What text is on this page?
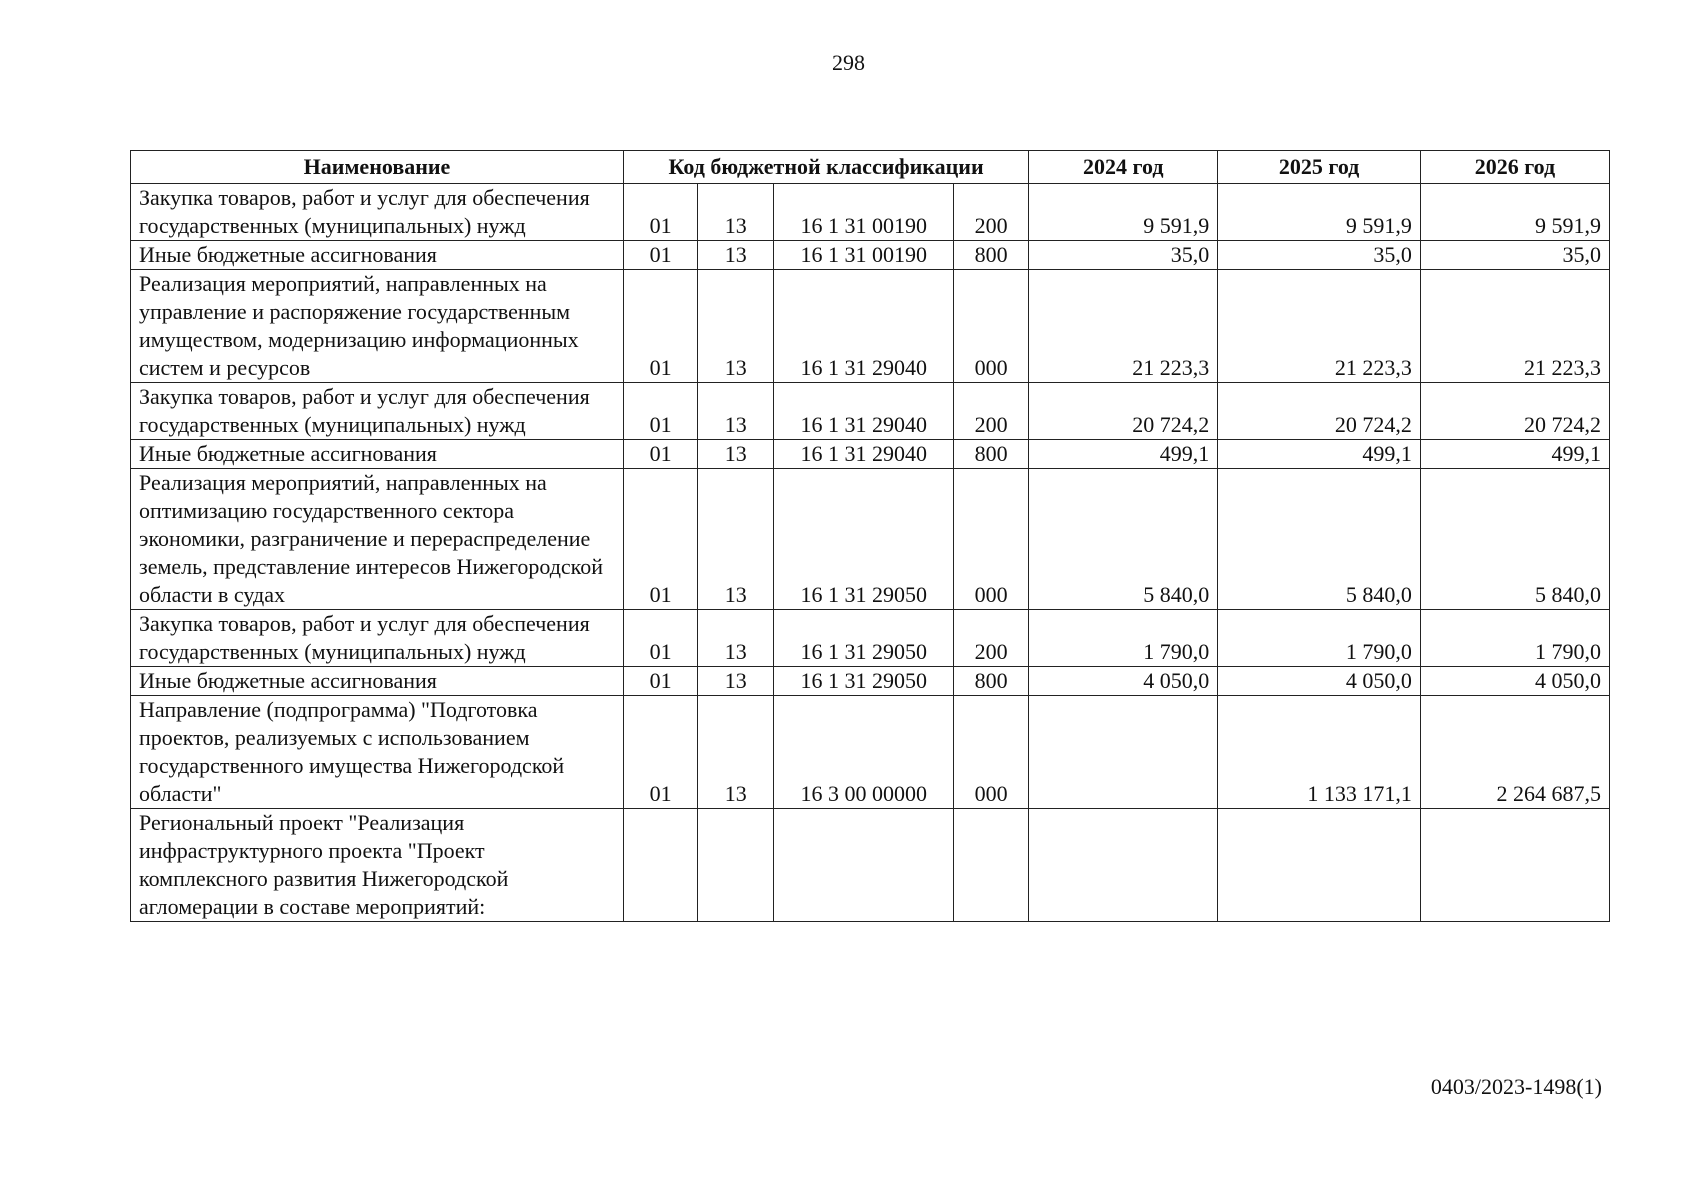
298
Наименование	Код бюджетной классификации				2024 год	2025 год	2026 год
Закупка товаров, работ и услуг для обеспечения государственных (муниципальных) нужд	01	13	16 1 31 00190	200	9 591,9	9 591,9	9 591,9
Иные бюджетные ассигнования	01	13	16 1 31 00190	800	35,0	35,0	35,0
Реализация мероприятий, направленных на управление и распоряжение государственным имуществом, модернизацию информационных систем и ресурсов	01	13	16 1 31 29040	000	21 223,3	21 223,3	21 223,3
Закупка товаров, работ и услуг для обеспечения государственных (муниципальных) нужд	01	13	16 1 31 29040	200	20 724,2	20 724,2	20 724,2
Иные бюджетные ассигнования	01	13	16 1 31 29040	800	499,1	499,1	499,1
Реализация мероприятий, направленных на оптимизацию государственного сектора экономики, разграничение и перераспределение земель, представление интересов Нижегородской области в судах	01	13	16 1 31 29050	000	5 840,0	5 840,0	5 840,0
Закупка товаров, работ и услуг для обеспечения государственных (муниципальных) нужд	01	13	16 1 31 29050	200	1 790,0	1 790,0	1 790,0
Иные бюджетные ассигнования	01	13	16 1 31 29050	800	4 050,0	4 050,0	4 050,0
Направление (подпрограмма) "Подготовка проектов, реализуемых с использованием государственного имущества Нижегородской области"	01	13	16 3 00 00000	000		1 133 171,1	2 264 687,5
Региональный проект "Реализация инфраструктурного проекта "Проект комплексного развития Нижегородской агломерации в составе мероприятий:							
0403/2023-1498(1)
